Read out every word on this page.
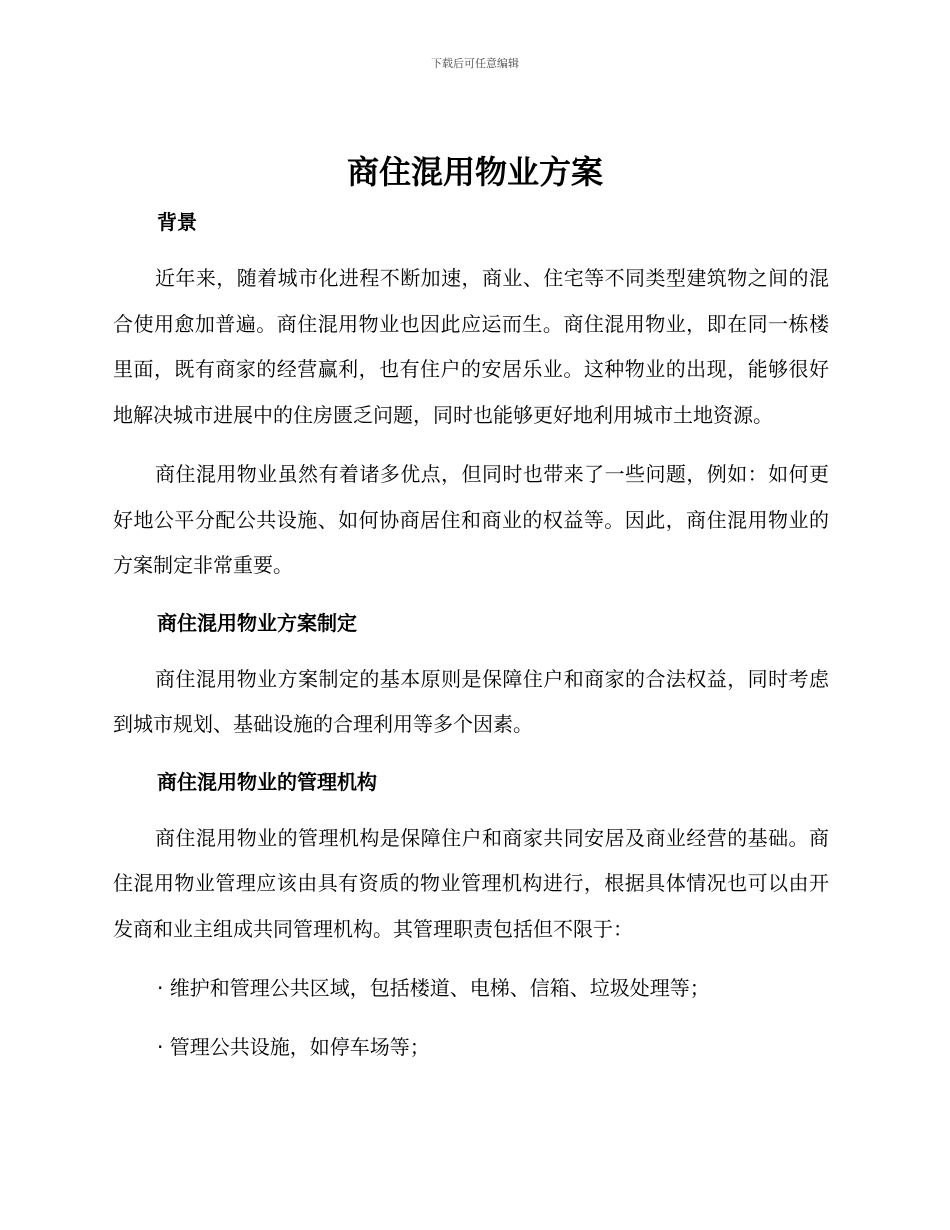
下载后可任意编辑
商住混用物业方案
背景

近年来，随着城市化进程不断加速，商业、住宅等不同类型建筑物之间的混合使用愈加普遍。商住混用物业也因此应运而生。商住混用物业，即在同一栋楼里面，既有商家的经营赢利，也有住户的安居乐业。这种物业的出现，能够很好地解决城市进展中的住房匮乏问题，同时也能够更好地利用城市土地资源。

商住混用物业虽然有着诸多优点，但同时也带来了一些问题，例如：如何更好地公平分配公共设施、如何协商居住和商业的权益等。因此，商住混用物业的方案制定非常重要。

商住混用物业方案制定

商住混用物业方案制定的基本原则是保障住户和商家的合法权益，同时考虑到城市规划、基础设施的合理利用等多个因素。

商住混用物业的管理机构

商住混用物业的管理机构是保障住户和商家共同安居及商业经营的基础。商住混用物业管理应该由具有资质的物业管理机构进行，根据具体情况也可以由开发商和业主组成共同管理机构。其管理职责包括但不限于：

· 维护和管理公共区域，包括楼道、电梯、信箱、垃圾处理等；

· 管理公共设施，如停车场等；
